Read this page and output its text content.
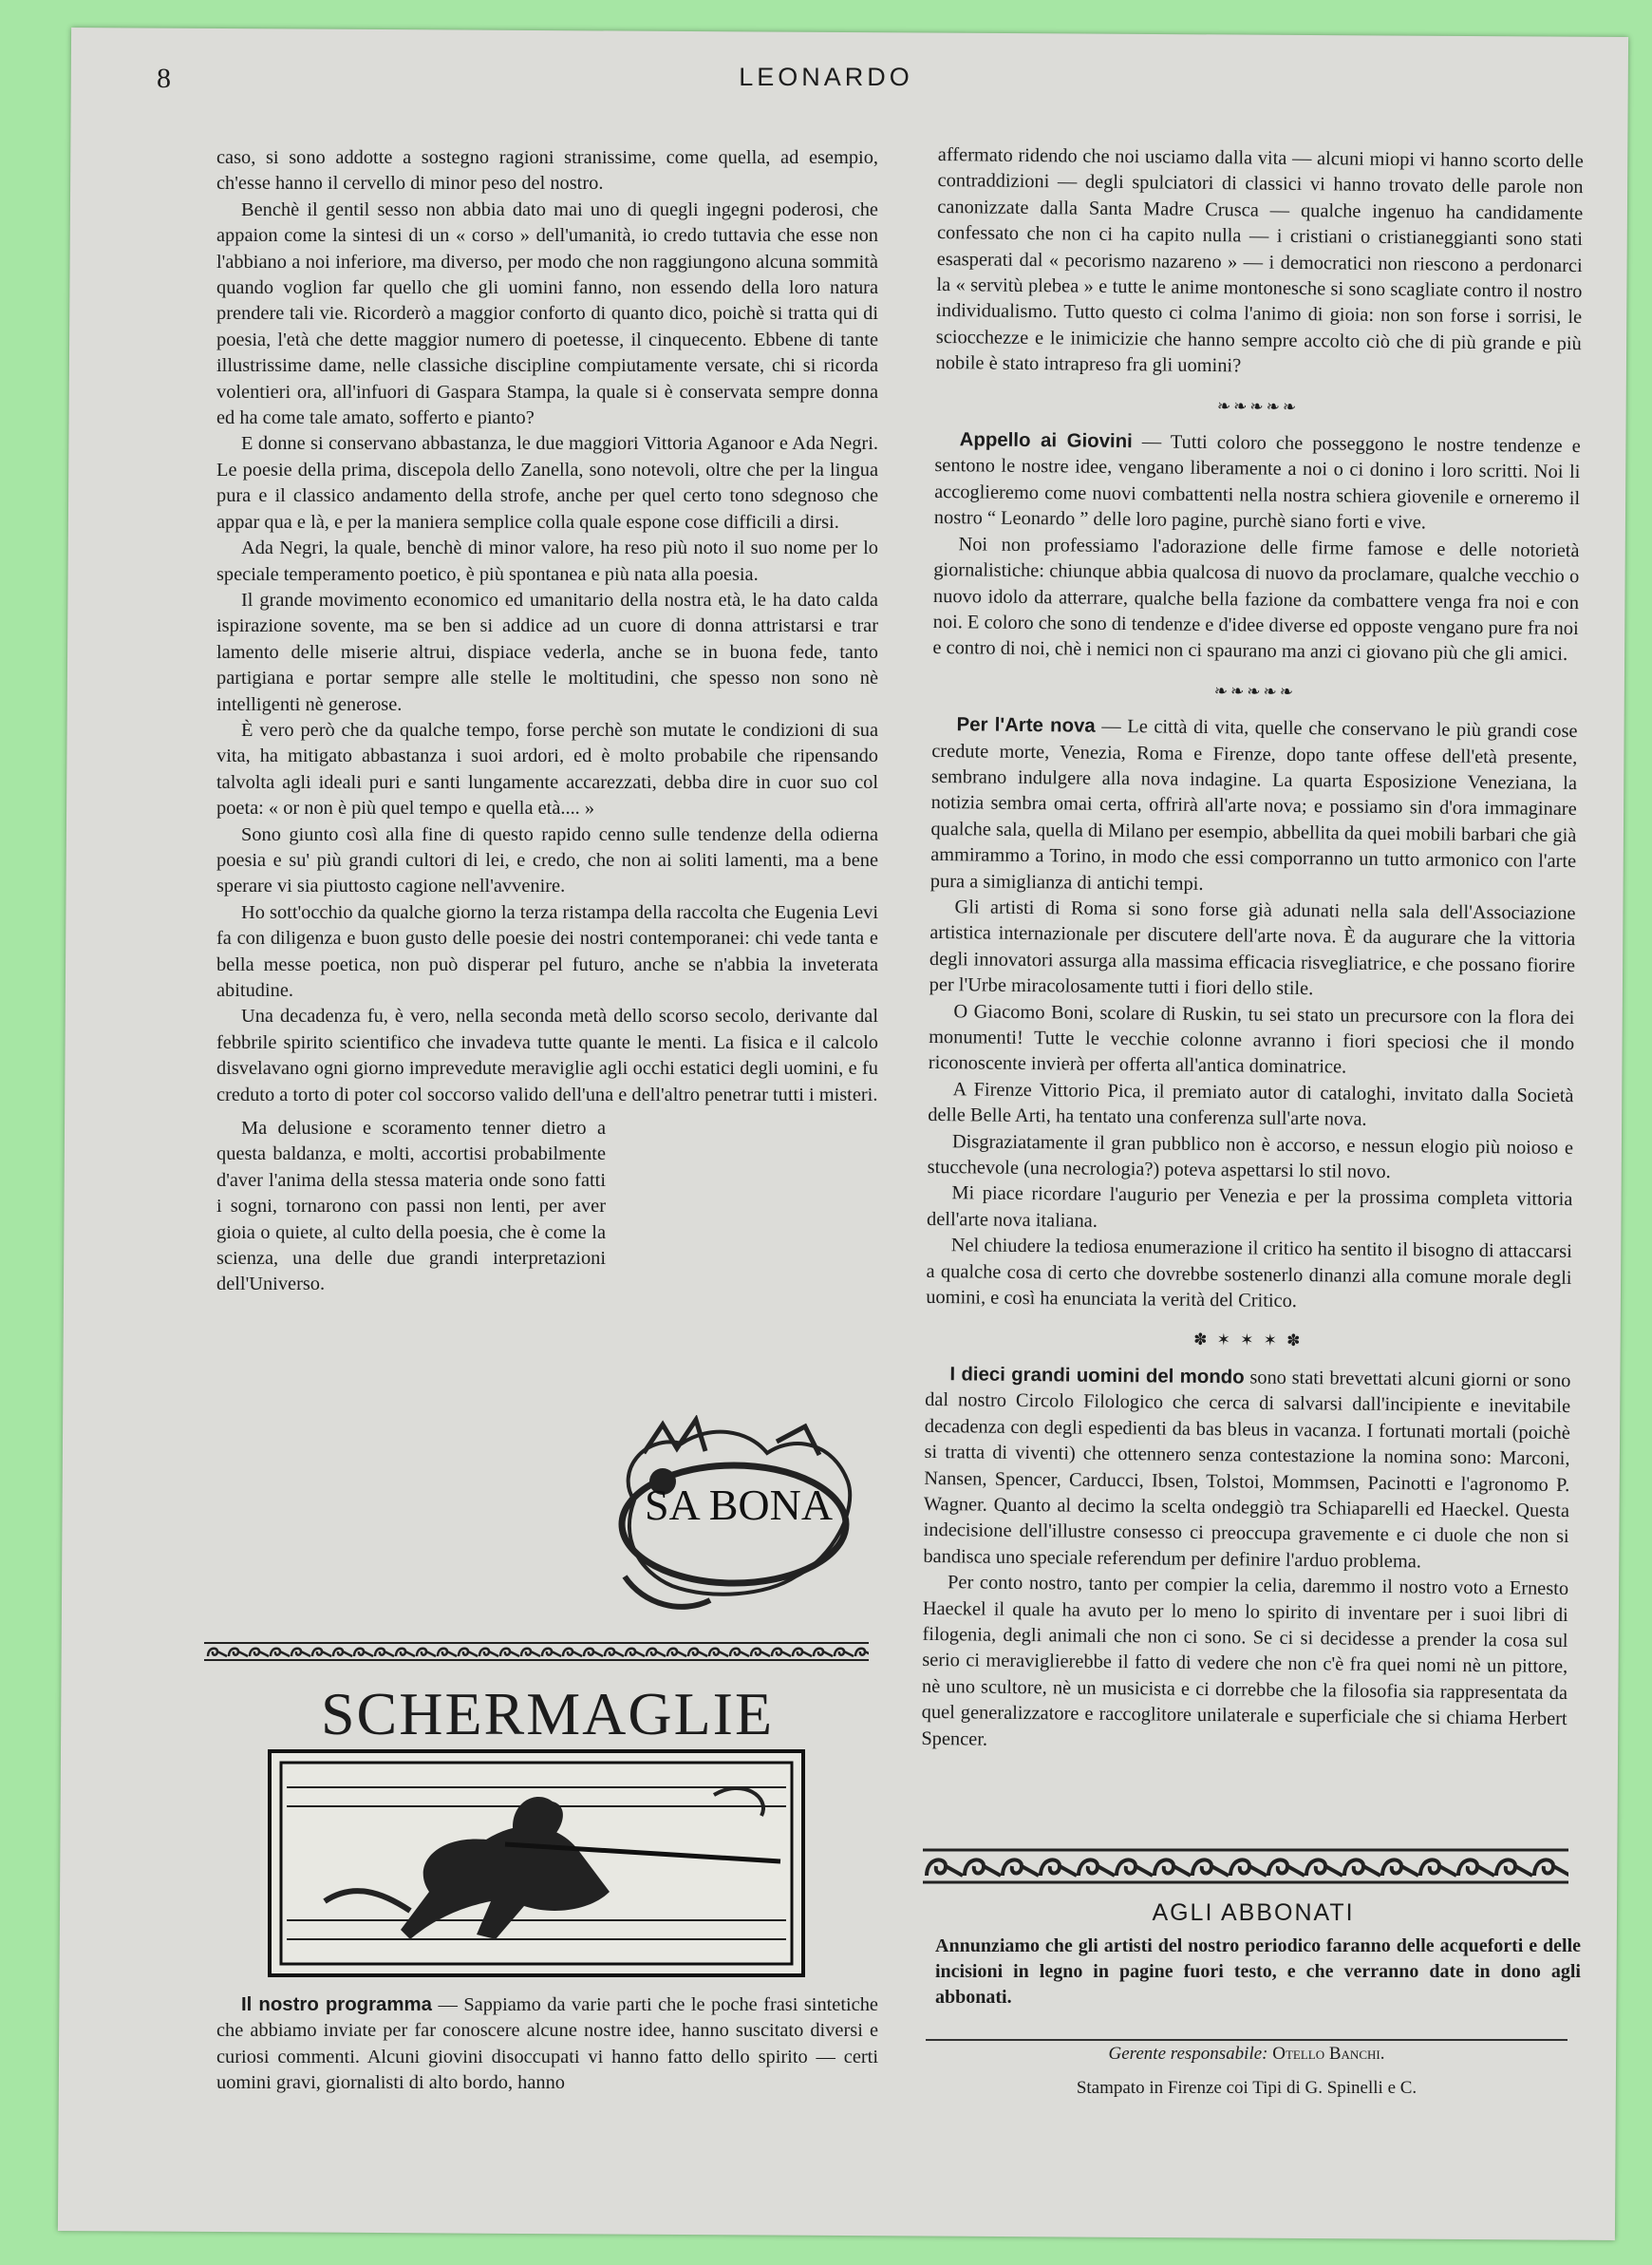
8	LEONARDO

caso, si sono addotte a sostegno ragioni stranissime, come quella, ad esempio, ch'esse hanno il cervello di minor peso del nostro.

Benchè il gentil sesso non abbia dato mai uno di quegli ingegni poderosi, che appaion come la sintesi di un « corso » dell'umanità, io credo tuttavia che esse non l'abbiano a noi inferiore, ma diverso, per modo che non raggiungono alcuna sommità quando voglion far quello che gli uomini fanno, non essendo della loro natura prendere tali vie. Ricorderò a maggior conforto di quanto dico, poichè si tratta qui di poesia, l'età che dette maggior numero di poetesse, il cinquecento. Ebbene di tante illustrissime dame, nelle classiche discipline compiutamente versate, chi si ricorda volentieri ora, all'infuori di Gaspara Stampa, la quale si è conservata sempre donna ed ha come tale amato, sofferto e pianto?

E donne si conservano abbastanza, le due maggiori Vittoria Aganoor e Ada Negri. Le poesie della prima, discepola dello Zanella, sono notevoli, oltre che per la lingua pura e il classico andamento della strofe, anche per quel certo tono sdegnoso che appar qua e là, e per la maniera semplice colla quale espone cose difficili a dirsi.

Ada Negri, la quale, benchè di minor valore, ha reso più noto il suo nome per lo speciale temperamento poetico, è più spontanea e più nata alla poesia.

Il grande movimento economico ed umanitario della nostra età, le ha dato calda ispirazione sovente, ma se ben si addice ad un cuore di donna attristarsi e trar lamento delle miserie altrui, dispiace vederla, anche se in buona fede, tanto partigiana e portar sempre alle stelle le moltitudini, che spesso non sono nè intelligenti nè generose.

È vero però che da qualche tempo, forse perchè son mutate le condizioni di sua vita, ha mitigato abbastanza i suoi ardori, ed è molto probabile che ripensando talvolta agli ideali puri e santi lungamente accarezzati, debba dire in cuor suo col poeta: « or non è più quel tempo e quella età.... »

Sono giunto così alla fine di questo rapido cenno sulle tendenze della odierna poesia e su' più grandi cultori di lei, e credo, che non ai soliti lamenti, ma a bene sperare vi sia piuttosto cagione nell'avvenire.

Ho sott'occhio da qualche giorno la terza ristampa della raccolta che Eugenia Levi fa con diligenza e buon gusto delle poesie dei nostri contemporanei: chi vede tanta e bella messe poetica, non può disperar pel futuro, anche se n'abbia la inveterata abitudine.

Una decadenza fu, è vero, nella seconda metà dello scorso secolo, derivante dal febbrile spirito scientifico che invadeva tutte quante le menti. La fisica e il calcolo disvelavano ogni giorno imprevedute meraviglie agli occhi estatici degli uomini, e fu creduto a torto di poter col soccorso valido dell'una e dell'altro penetrar tutti i misteri.

Ma delusione e scoramento tenner dietro a questa baldanza, e molti, accortisi probabilmente d'aver l'anima della stessa materia onde sono fatti i sogni, tornarono con passi non lenti, per aver gioia o quiete, al culto della poesia, che è come la scienza, una delle due grandi interpretazioni dell'Universo.

SA BONA
SCHERMAGLIE
Il nostro programma — Sappiamo da varie parti che le poche frasi sintetiche che abbiamo inviate per far conoscere alcune nostre idee, hanno suscitato diversi e curiosi commenti. Alcuni giovini disoccupati vi hanno fatto dello spirito — certi uomini gravi, giornalisti di alto bordo, hanno

affermato ridendo che noi usciamo dalla vita — alcuni miopi vi hanno scorto delle contraddizioni — degli spulciatori di classici vi hanno trovato delle parole non canonizzate dalla Santa Madre Crusca — qualche ingenuo ha candidamente confessato che non ci ha capito nulla — i cristiani o cristianeggianti sono stati esasperati dal « pecorismo nazareno » — i democratici non riescono a perdonarci la « servitù plebea » e tutte le anime montonesche si sono scagliate contro il nostro individualismo. Tutto questo ci colma l'animo di gioia: non son forse i sorrisi, le sciocchezze e le inimicizie che hanno sempre accolto ciò che di più grande e più nobile è stato intrapreso fra gli uomini?

❧❧❧❧❧

Appello ai Giovini — Tutti coloro che posseggono le nostre tendenze e sentono le nostre idee, vengano liberamente a noi o ci donino i loro scritti. Noi li accoglieremo come nuovi combattenti nella nostra schiera giovenile e orneremo il nostro “ Leonardo ” delle loro pagine, purchè siano forti e vive.

Noi non professiamo l'adorazione delle firme famose e delle notorietà giornalistiche: chiunque abbia qualcosa di nuovo da proclamare, qualche vecchio o nuovo idolo da atterrare, qualche bella fazione da combattere venga fra noi e con noi. E coloro che sono di tendenze e d'idee diverse ed opposte vengano pure fra noi e contro di noi, chè i nemici non ci spaurano ma anzi ci giovano più che gli amici.

❧❧❧❧❧

Per l'Arte nova — Le città di vita, quelle che conservano le più grandi cose credute morte, Venezia, Roma e Firenze, dopo tante offese dell'età presente, sembrano indulgere alla nova indagine. La quarta Esposizione Veneziana, la notizia sembra omai certa, offrirà all'arte nova; e possiamo sin d'ora immaginare qualche sala, quella di Milano per esempio, abbellita da quei mobili barbari che già ammirammo a Torino, in modo che essi comporranno un tutto armonico con l'arte pura a simiglianza di antichi tempi.

Gli artisti di Roma si sono forse già adunati nella sala dell'Associazione artistica internazionale per discutere dell'arte nova. È da augurare che la vittoria degli innovatori assurga alla massima efficacia risvegliatrice, e che possano fiorire per l'Urbe miracolosamente tutti i fiori dello stile.

O Giacomo Boni, scolare di Ruskin, tu sei stato un precursore con la flora dei monumenti! Tutte le vecchie colonne avranno i fiori speciosi che il mondo riconoscente invierà per offerta all'antica dominatrice.

A Firenze Vittorio Pica, il premiato autor di cataloghi, invitato dalla Società delle Belle Arti, ha tentato una conferenza sull'arte nova.

Disgraziatamente il gran pubblico non è accorso, e nessun elogio più noioso e stucchevole (una necrologia?) poteva aspettarsi lo stil novo.

Mi piace ricordare l'augurio per Venezia e per la prossima completa vittoria dell'arte nova italiana.

Nel chiudere la tediosa enumerazione il critico ha sentito il bisogno di attaccarsi a qualche cosa di certo che dovrebbe sostenerlo dinanzi alla comune morale degli uomini, e così ha enunciata la verità del Critico.

✽ ✶ ✶ ✶ ✽

I dieci grandi uomini del mondo sono stati brevettati alcuni giorni or sono dal nostro Circolo Filologico che cerca di salvarsi dall'incipiente e inevitabile decadenza con degli espedienti da bas bleus in vacanza. I fortunati mortali (poichè si tratta di viventi) che ottennero senza contestazione la nomina sono: Marconi, Nansen, Spencer, Carducci, Ibsen, Tolstoi, Mommsen, Pacinotti e l'agronomo P. Wagner. Quanto al decimo la scelta ondeggiò tra Schiaparelli ed Haeckel. Questa indecisione dell'illustre consesso ci preoccupa gravemente e ci duole che non si bandisca uno speciale referendum per definire l'arduo problema.

Per conto nostro, tanto per compier la celia, daremmo il nostro voto a Ernesto Haeckel il quale ha avuto per lo meno lo spirito di inventare per i suoi libri di filogenia, degli animali che non ci sono. Se ci si decidesse a prender la cosa sul serio ci meraviglierebbe il fatto di vedere che non c'è fra quei nomi nè un pittore, nè uno scultore, nè un musicista e ci dorrebbe che la filosofia sia rappresentata da quel generalizzatore e raccoglitore unilaterale e superficiale che si chiama Herbert Spencer.

AGLI ABBONATI
Annunziamo che gli artisti del nostro periodico faranno delle acqueforti e delle incisioni in legno in pagine fuori testo, e che verranno date in dono agli abbonati.
Gerente responsabile: Otello Banchi.
Stampato in Firenze coi Tipi di G. Spinelli e C.
